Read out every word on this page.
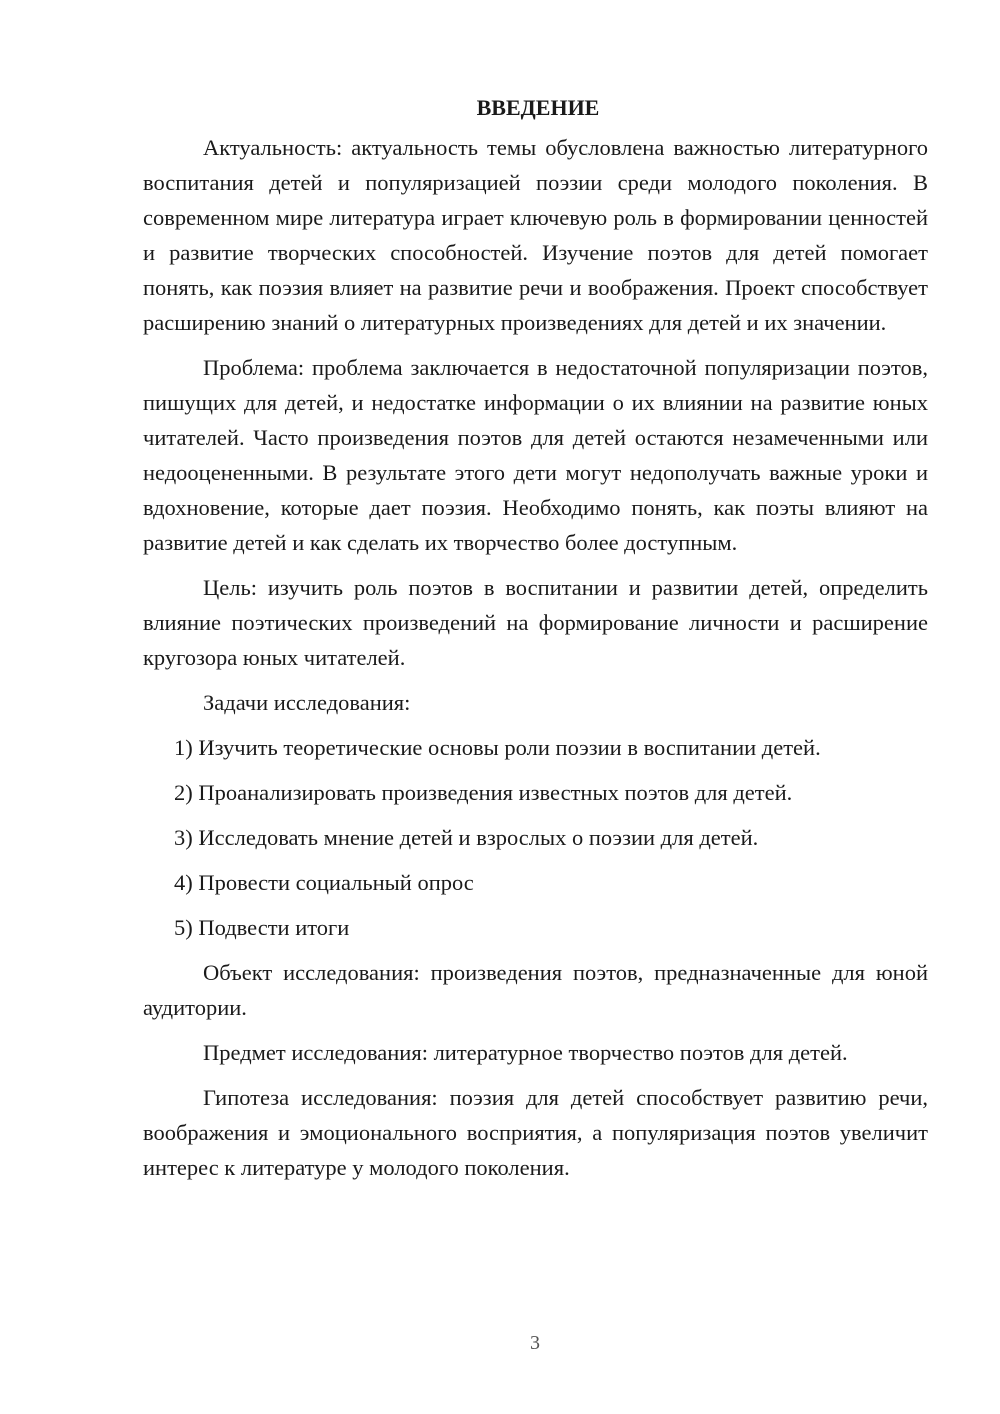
ВВЕДЕНИЕ

Актуальность: актуальность темы обусловлена важностью литературного воспитания детей и популяризацией поэзии среди молодого поколения. В современном мире литература играет ключевую роль в формировании ценностей и развитие творческих способностей. Изучение поэтов для детей помогает понять, как поэзия влияет на развитие речи и воображения. Проект способствует расширению знаний о литературных произведениях для детей и их значении.

Проблема: проблема заключается в недостаточной популяризации поэтов, пишущих для детей, и недостатке информации о их влиянии на развитие юных читателей. Часто произведения поэтов для детей остаются незамеченными или недооцененными. В результате этого дети могут недополучать важные уроки и вдохновение, которые дает поэзия. Необходимо понять, как поэты влияют на развитие детей и как сделать их творчество более доступным.

Цель: изучить роль поэтов в воспитании и развитии детей, определить влияние поэтических произведений на формирование личности и расширение кругозора юных читателей.

Задачи исследования:

1) Изучить теоретические основы роли поэзии в воспитании детей.
2) Проанализировать произведения известных поэтов для детей.
3) Исследовать мнение детей и взрослых о поэзии для детей.
4) Провести социальный опрос
5) Подвести итоги

Объект исследования: произведения поэтов, предназначенные для юной аудитории.

Предмет исследования: литературное творчество поэтов для детей.

Гипотеза исследования: поэзия для детей способствует развитию речи, воображения и эмоционального восприятия, а популяризация поэтов увеличит интерес к литературе у молодого поколения.

3
